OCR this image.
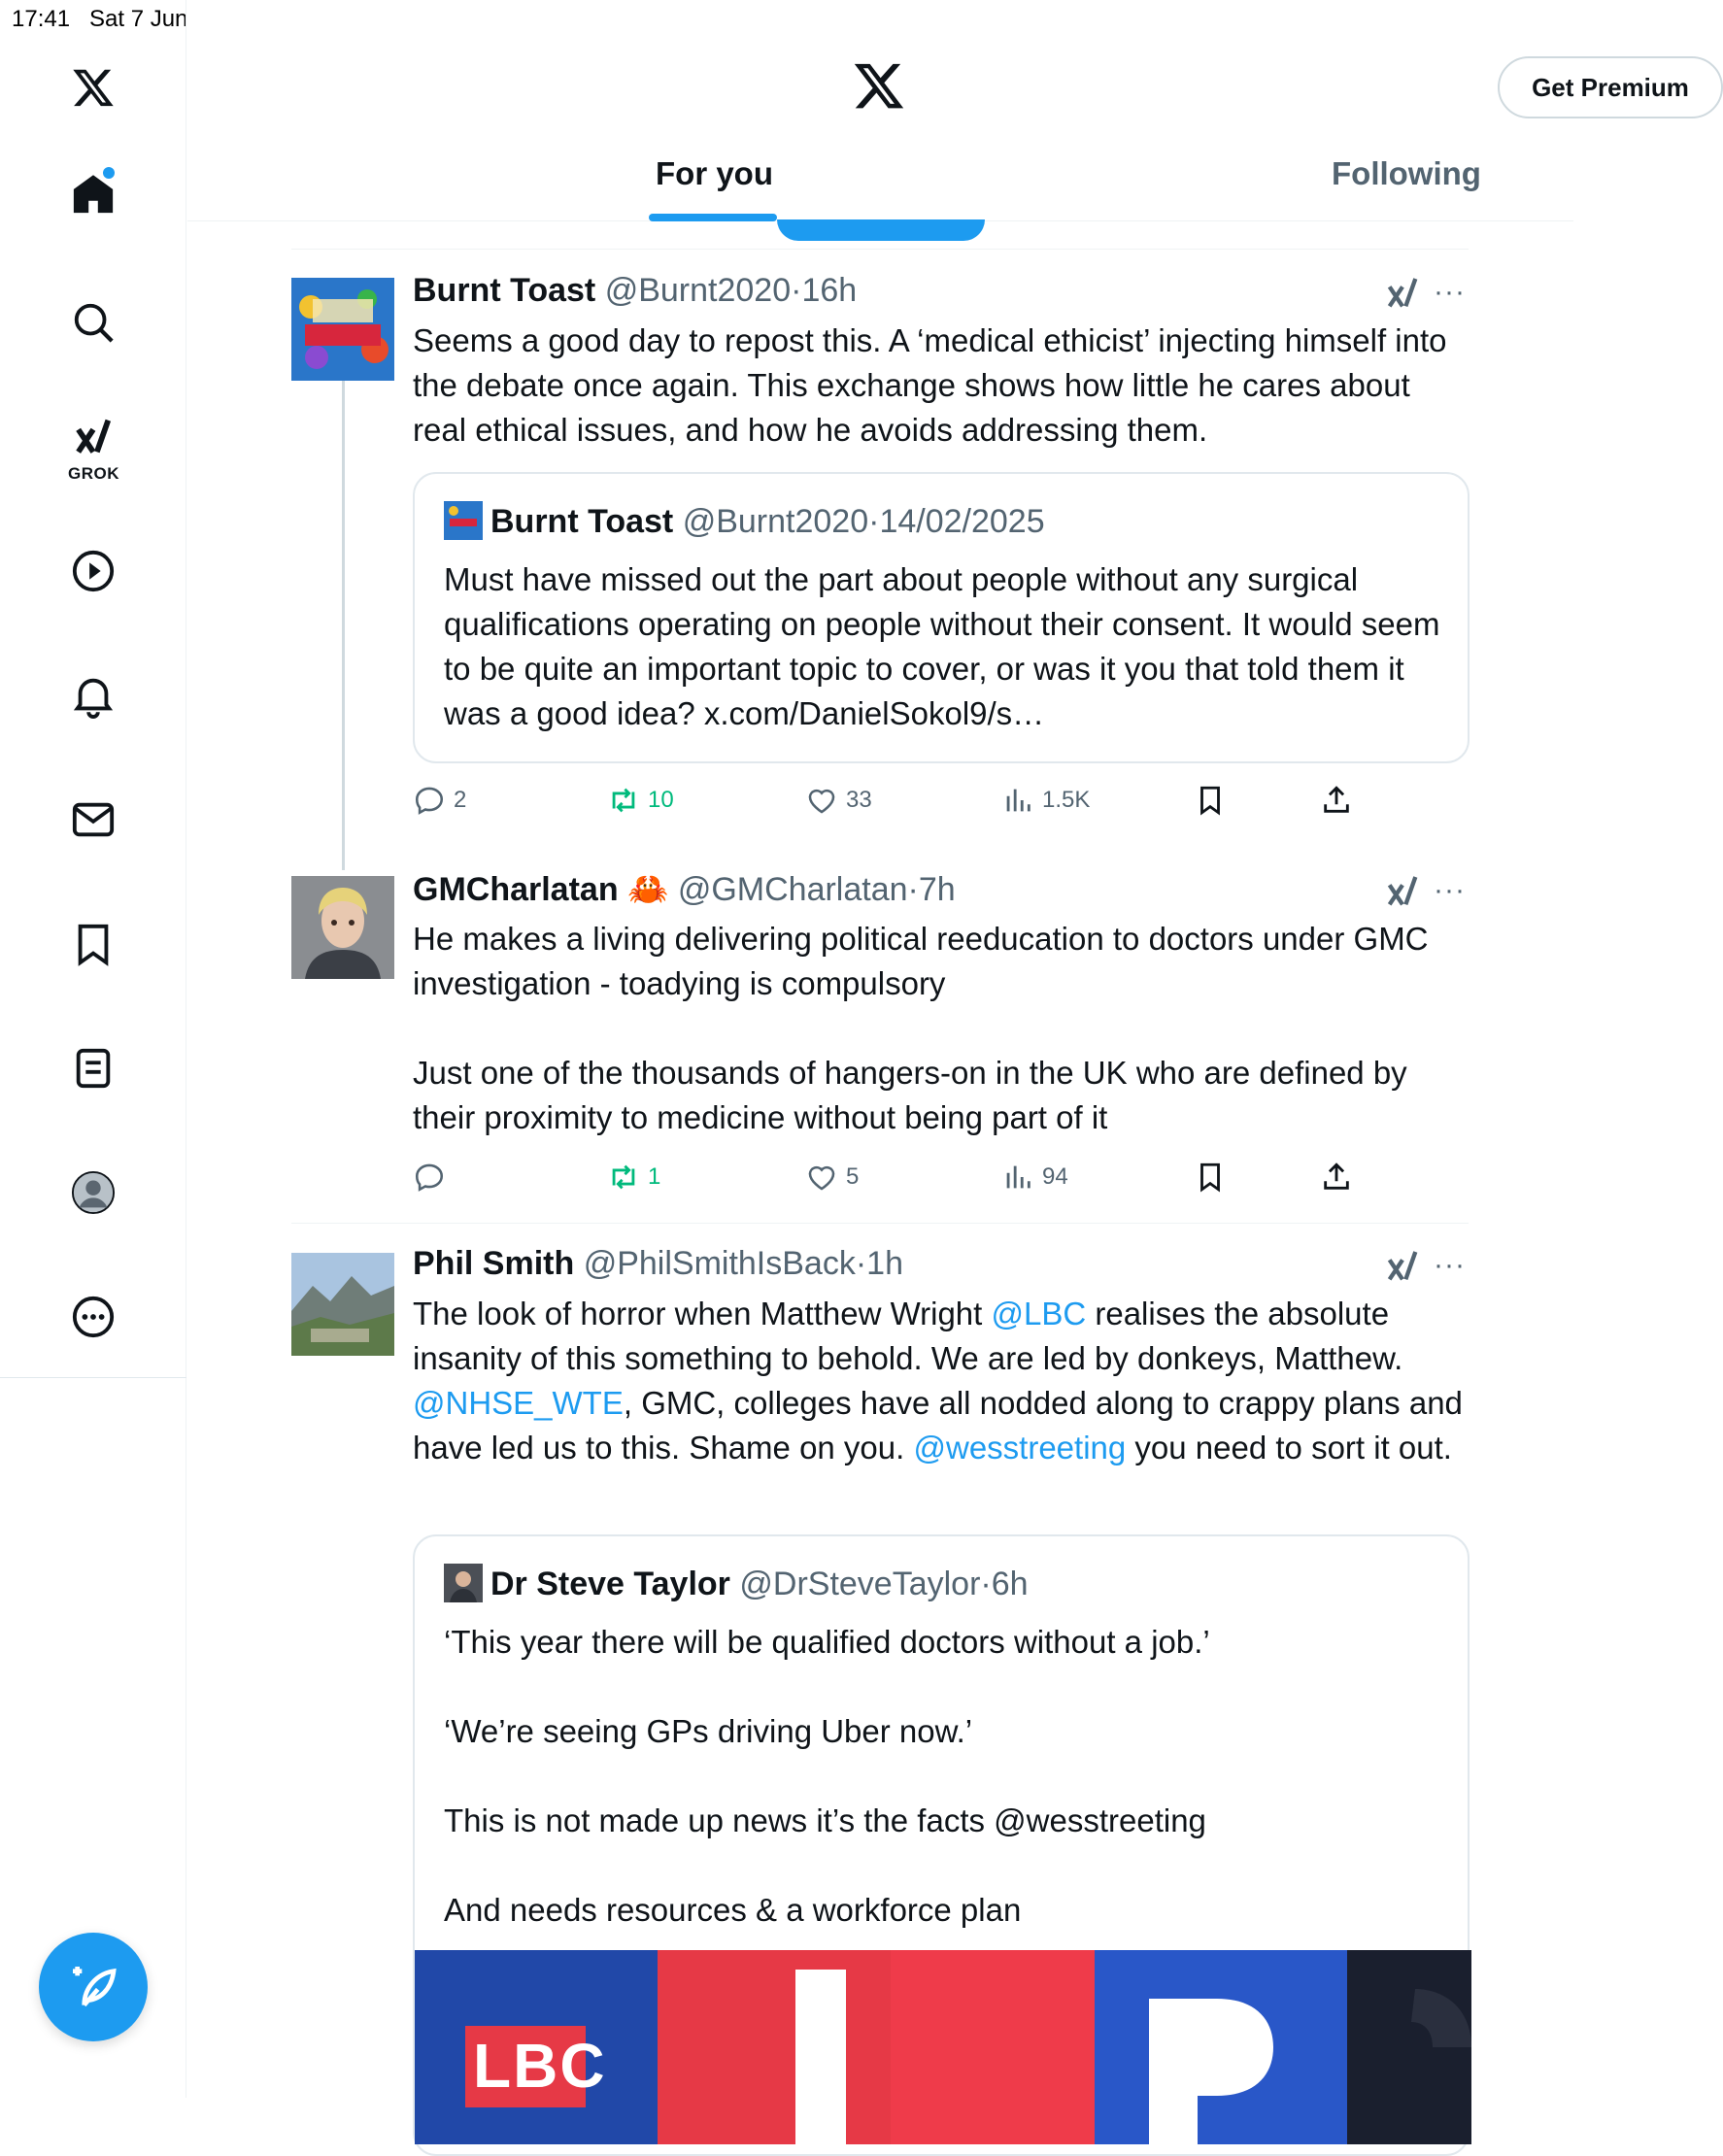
17:41 Sat 7 Jun
GROK
Get Premium
For you	Following
Burnt Toast @Burnt2020·16h	···
Seems a good day to repost this. A ‘medical ethicist’ injecting himself into the debate once again. This exchange shows how little he cares about real ethical issues, and how he avoids addressing them.
Burnt Toast @Burnt2020·14/02/2025
Must have missed out the part about people without any surgical qualifications operating on people without their consent. It would seem to be quite an important topic to cover, or was it you that told them it was a good idea? x.com/DanielSokol9/s…
2	10	33	1.5K
GMCharlatan 🦀 @GMCharlatan·7h	···
He makes a living delivering political reeducation to doctors under GMC investigation - toadying is compulsory
Just one of the thousands of hangers-on in the UK who are defined by their proximity to medicine without being part of it
1	5	94
Phil Smith @PhilSmithIsBack·1h	···
The look of horror when Matthew Wright @LBC realises the absolute insanity of this something to behold. We are led by donkeys, Matthew. @NHSE_WTE, GMC, colleges have all nodded along to crappy plans and have led us to this. Shame on you. @wesstreeting you need to sort it out.
Dr Steve Taylor @DrSteveTaylor·6h
‘This year there will be qualified doctors without a job.’
‘We’re seeing GPs driving Uber now.’
This is not made up news it’s the facts @wesstreeting
And needs resources & a workforce plan
LBC
